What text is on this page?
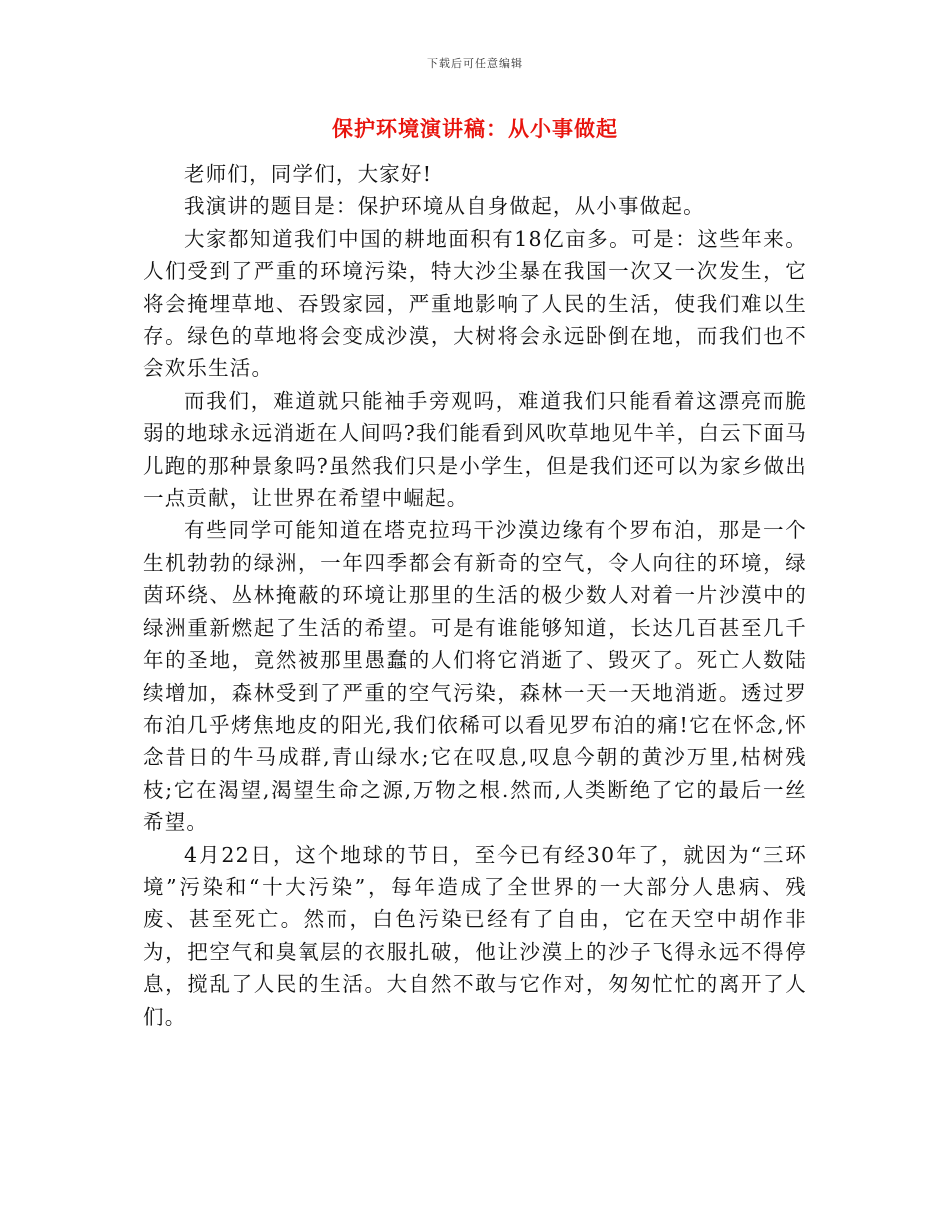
下载后可任意编辑
保护环境演讲稿：从小事做起

老师们，同学们，大家好!

我演讲的题目是：保护环境从自身做起，从小事做起。

大家都知道我们中国的耕地面积有18亿亩多。可是：这些年来。人们受到了严重的环境污染，特大沙尘暴在我国一次又一次发生，它将会掩埋草地、吞毁家园，严重地影响了人民的生活，使我们难以生存。绿色的草地将会变成沙漠，大树将会永远卧倒在地，而我们也不会欢乐生活。

而我们，难道就只能袖手旁观吗，难道我们只能看着这漂亮而脆弱的地球永远消逝在人间吗?我们能看到风吹草地见牛羊，白云下面马儿跑的那种景象吗?虽然我们只是小学生，但是我们还可以为家乡做出一点贡献，让世界在希望中崛起。

有些同学可能知道在塔克拉玛干沙漠边缘有个罗布泊，那是一个生机勃勃的绿洲，一年四季都会有新奇的空气，令人向往的环境，绿茵环绕、丛林掩蔽的环境让那里的生活的极少数人对着一片沙漠中的绿洲重新燃起了生活的希望。可是有谁能够知道，长达几百甚至几千年的圣地，竟然被那里愚蠢的人们将它消逝了、毁灭了。死亡人数陆续增加，森林受到了严重的空气污染，森林一天一天地消逝。透过罗布泊几乎烤焦地皮的阳光,我们依稀可以看见罗布泊的痛!它在怀念,怀念昔日的牛马成群,青山绿水;它在叹息,叹息今朝的黄沙万里,枯树残枝;它在渴望,渴望生命之源,万物之根.然而,人类断绝了它的最后一丝希望。

4月22日，这个地球的节日，至今已有经30年了，就因为“三环境”污染和“十大污染”，每年造成了全世界的一大部分人患病、残废、甚至死亡。然而，白色污染已经有了自由，它在天空中胡作非为，把空气和臭氧层的衣服扎破，他让沙漠上的沙子飞得永远不得停息，搅乱了人民的生活。大自然不敢与它作对，匆匆忙忙的离开了人们。
